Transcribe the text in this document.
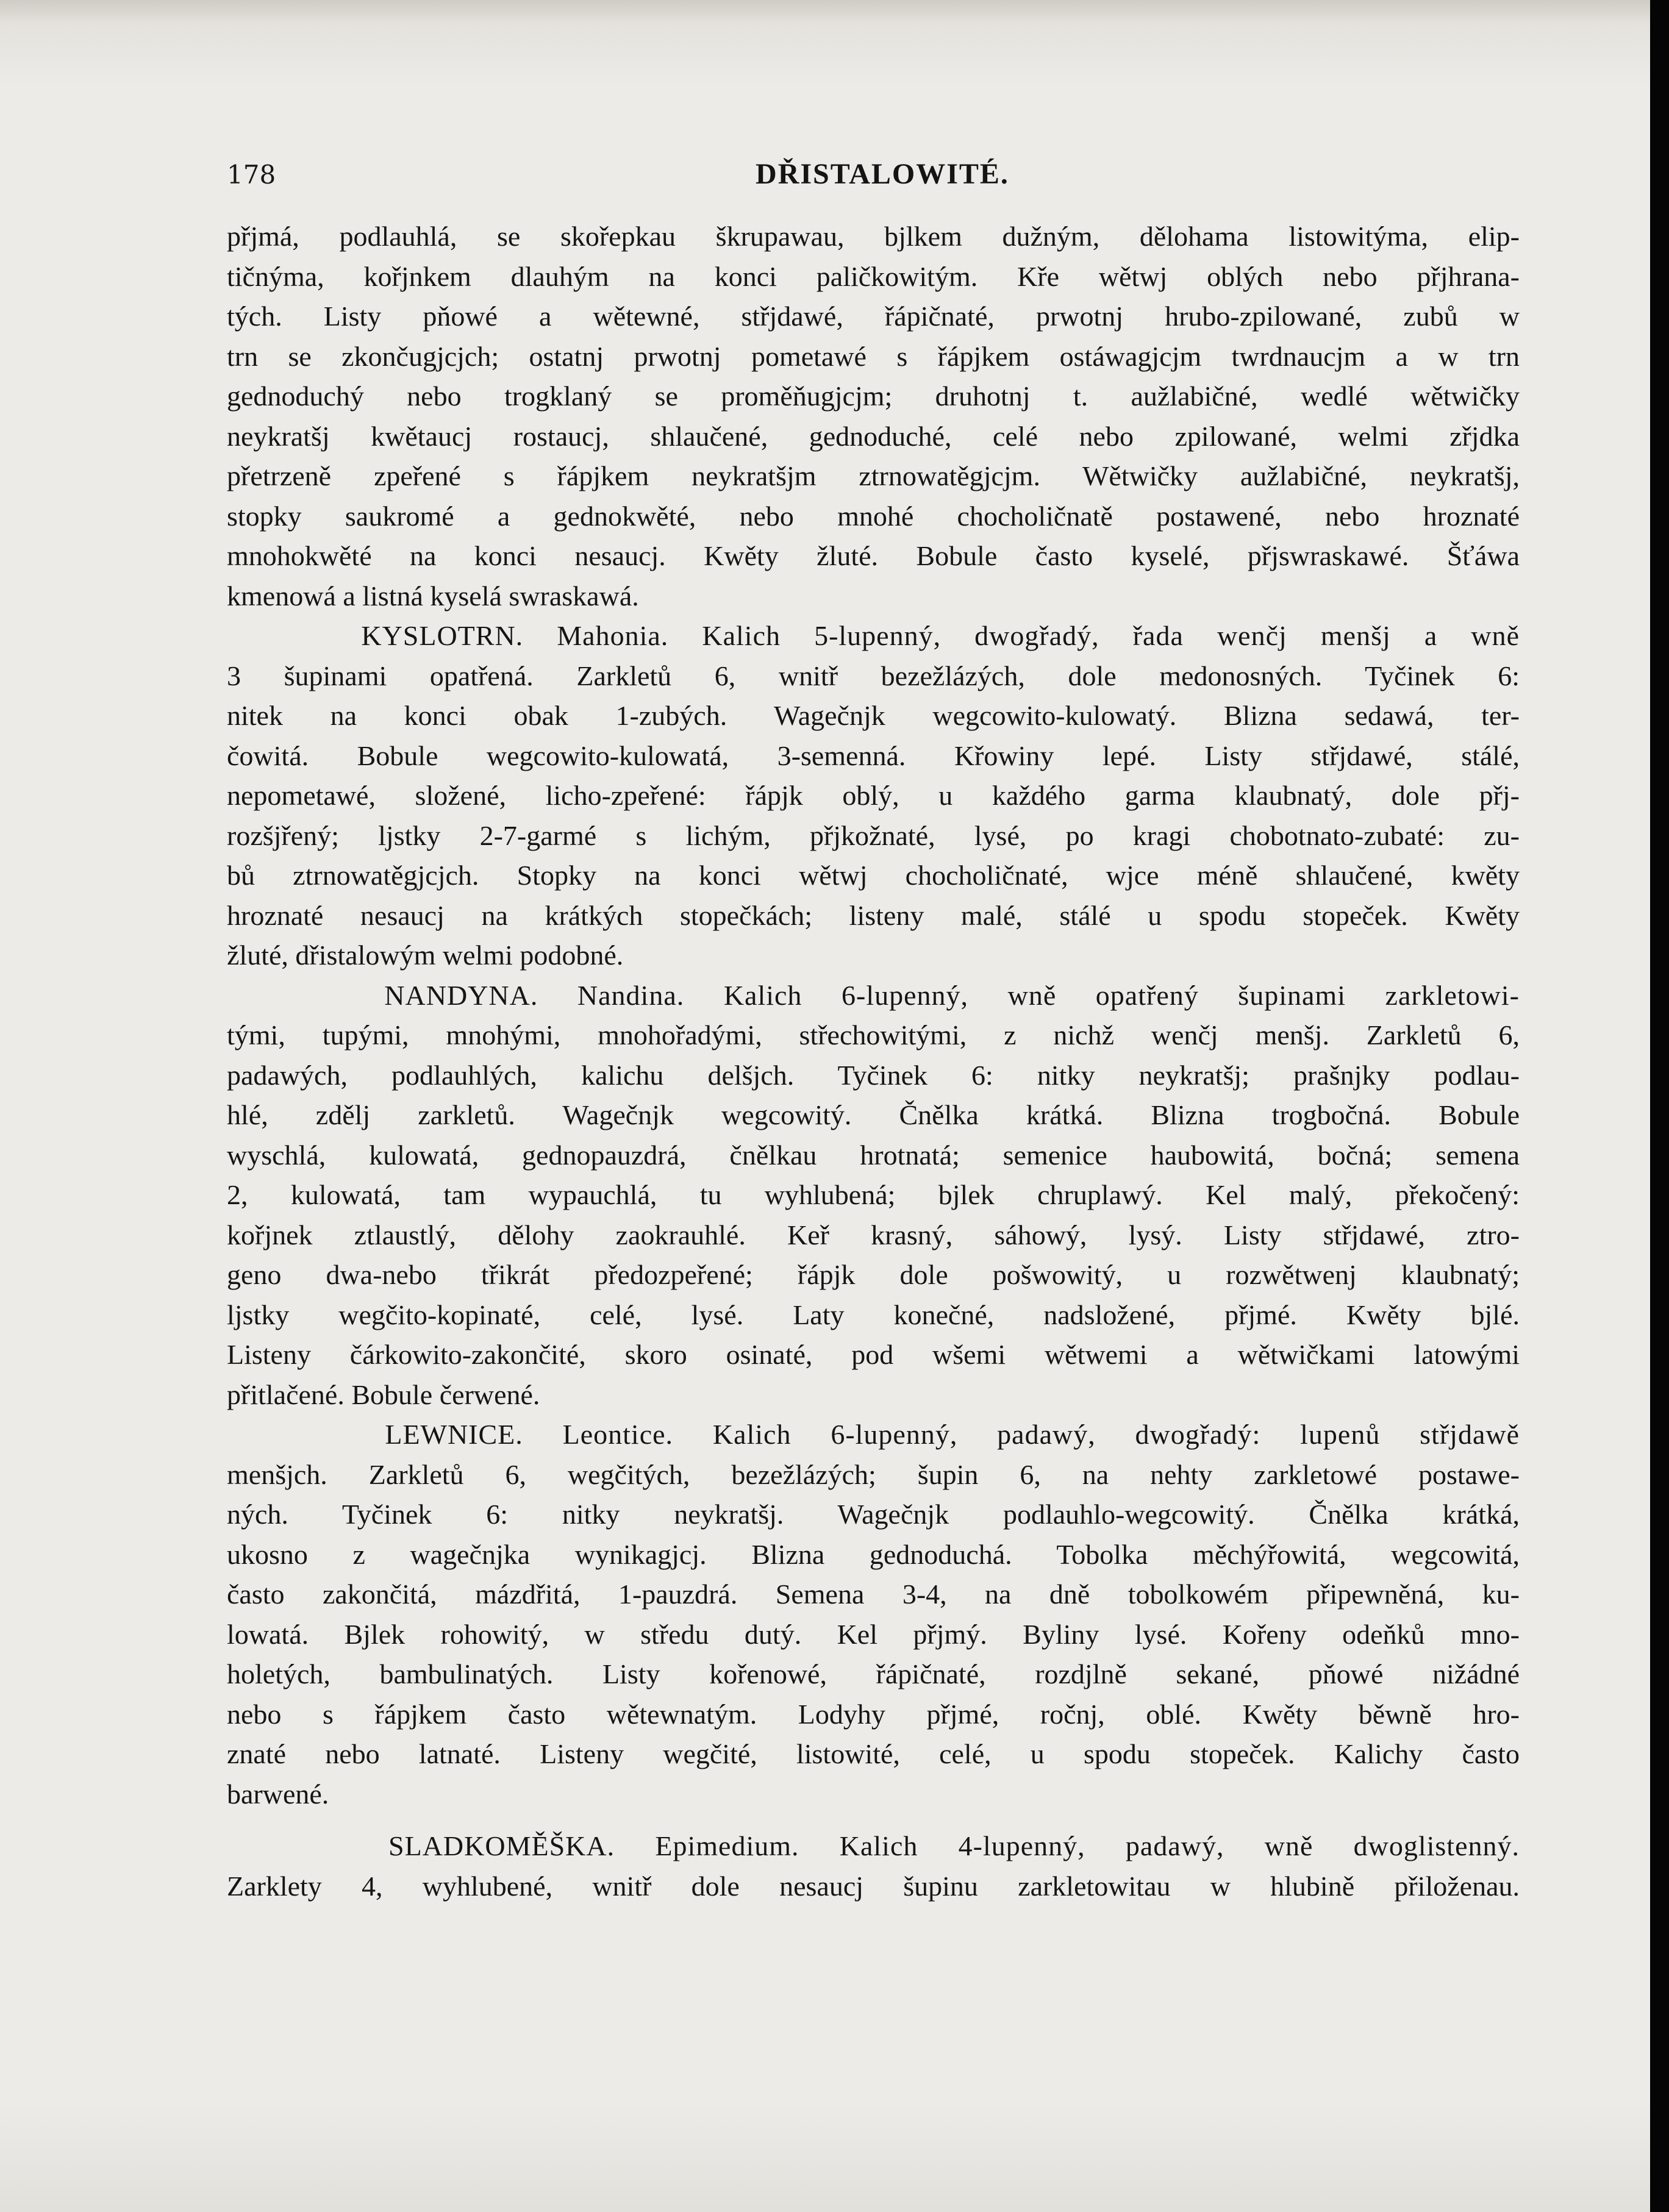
178	DŘISTALOWITÉ.
přjmá, podlauhlá, se skořepkau škrupawau, bjlkem dužným, dělohama listowitýma, elip-
tičnýma, kořjnkem dlauhým na konci paličkowitým. Kře wětwj oblých nebo přjhrana-
tých. Listy pňowé a wětewné, střjdawé, řápičnaté, prwotnj hrubo-zpilowané, zubů w
trn se zkončugjcjch; ostatnj prwotnj pometawé s řápjkem ostáwagjcjm twrdnaucjm a w trn
gednoduchý nebo trogklaný se proměňugjcjm; druhotnj t. aužlabičné, wedlé wětwičky
neykratšj kwětaucj rostaucj, shlaučené, gednoduché, celé nebo zpilowané, welmi zřjdka
přetrzeně zpeřené s řápjkem neykratšjm ztrnowatěgjcjm. Wětwičky aužlabičné, neykratšj,
stopky saukromé a gednokwěté, nebo mnohé chocholičnatě postawené, nebo hroznaté
mnohokwěté na konci nesaucj. Kwěty žluté. Bobule často kyselé, přjswraskawé. Šťáwa
kmenowá a listná kyselá swraskawá.
KYSLOTRN. Mahonia. Kalich 5-lupenný, dwogřadý, řada wenčj menšj a wně
3 šupinami opatřená. Zarkletů 6, wnitř bezežlázých, dole medonosných. Tyčinek 6:
nitek na konci obak 1-zubých. Wagečnjk wegcowito-kulowatý. Blizna sedawá, ter-
čowitá. Bobule wegcowito-kulowatá, 3-semenná. Křowiny lepé. Listy střjdawé, stálé,
nepometawé, složené, licho-zpeřené: řápjk oblý, u každého garma klaubnatý, dole přj-
rozšjřený; ljstky 2-7-garmé s lichým, přjkožnaté, lysé, po kragi chobotnato-zubaté: zu-
bů ztrnowatěgjcjch. Stopky na konci wětwj chocholičnaté, wjce méně shlaučené, kwěty
hroznaté nesaucj na krátkých stopečkách; listeny malé, stálé u spodu stopeček. Kwěty
žluté, dřistalowým welmi podobné.
NANDYNA. Nandina. Kalich 6-lupenný, wně opatřený šupinami zarkletowi-
tými, tupými, mnohými, mnohořadými, střechowitými, z nichž wenčj menšj. Zarkletů 6,
padawých, podlauhlých, kalichu delšjch. Tyčinek 6: nitky neykratšj; prašnjky podlau-
hlé, zdělj zarkletů. Wagečnjk wegcowitý. Čnělka krátká. Blizna trogbočná. Bobule
wyschlá, kulowatá, gednopauzdrá, čnělkau hrotnatá; semenice haubowitá, bočná; semena
2, kulowatá, tam wypauchlá, tu wyhlubená; bjlek chruplawý. Kel malý, překočený:
kořjnek ztlaustlý, dělohy zaokrauhlé. Keř krasný, sáhowý, lysý. Listy střjdawé, ztro-
geno dwa-nebo třikrát předozpeřené; řápjk dole pošwowitý, u rozwětwenj klaubnatý;
ljstky wegčito-kopinaté, celé, lysé. Laty konečné, nadsložené, přjmé. Kwěty bjlé.
Listeny čárkowito-zakončité, skoro osinaté, pod wšemi wětwemi a wětwičkami latowými
přitlačené. Bobule čerwené.
LEWNICE. Leontice. Kalich 6-lupenný, padawý, dwogřadý: lupenů střjdawě
menšjch. Zarkletů 6, wegčitých, bezežlázých; šupin 6, na nehty zarkletowé postawe-
ných. Tyčinek 6: nitky neykratšj. Wagečnjk podlauhlo-wegcowitý. Čnělka krátká,
ukosno z wagečnjka wynikagjcj. Blizna gednoduchá. Tobolka měchýřowitá, wegcowitá,
často zakončitá, mázdřitá, 1-pauzdrá. Semena 3-4, na dně tobolkowém připewněná, ku-
lowatá. Bjlek rohowitý, w středu dutý. Kel přjmý. Byliny lysé. Kořeny odeňků mno-
holetých, bambulinatých. Listy kořenowé, řápičnaté, rozdjlně sekané, pňowé nižádné
nebo s řápjkem často wětewnatým. Lodyhy přjmé, ročnj, oblé. Kwěty běwně hro-
znaté nebo latnaté. Listeny wegčité, listowité, celé, u spodu stopeček. Kalichy často
barwené.
SLADKOMĚŠKA. Epimedium. Kalich 4-lupenný, padawý, wně dwoglistenný.
Zarklety 4, wyhlubené, wnitř dole nesaucj šupinu zarkletowitau w hlubině přiloženau.
